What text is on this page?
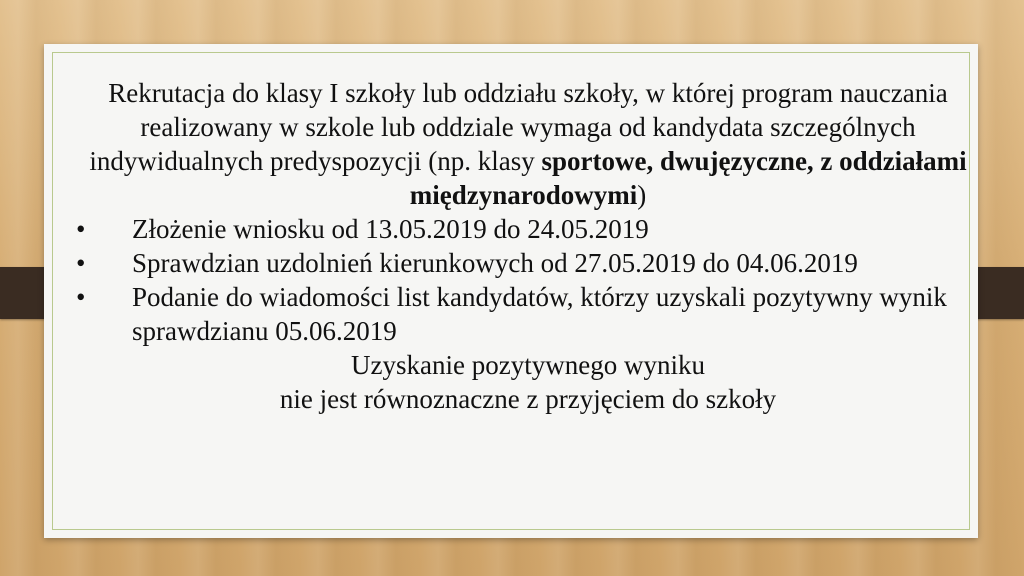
Rekrutacja do klasy I szkoły lub oddziału szkoły, w której program nauczania realizowany w szkole lub oddziale wymaga od kandydata szczególnych indywidualnych predyspozycji (np. klasy sportowe, dwujęzyczne, z oddziałami międzynarodowymi)

• Złożenie wniosku od 13.05.2019 do 24.05.2019
• Sprawdzian uzdolnień kierunkowych od 27.05.2019 do 04.06.2019
• Podanie do wiadomości list kandydatów, którzy uzyskali pozytywny wynik sprawdzianu 05.06.2019

Uzyskanie pozytywnego wyniku
nie jest równoznaczne z przyjęciem do szkoły
